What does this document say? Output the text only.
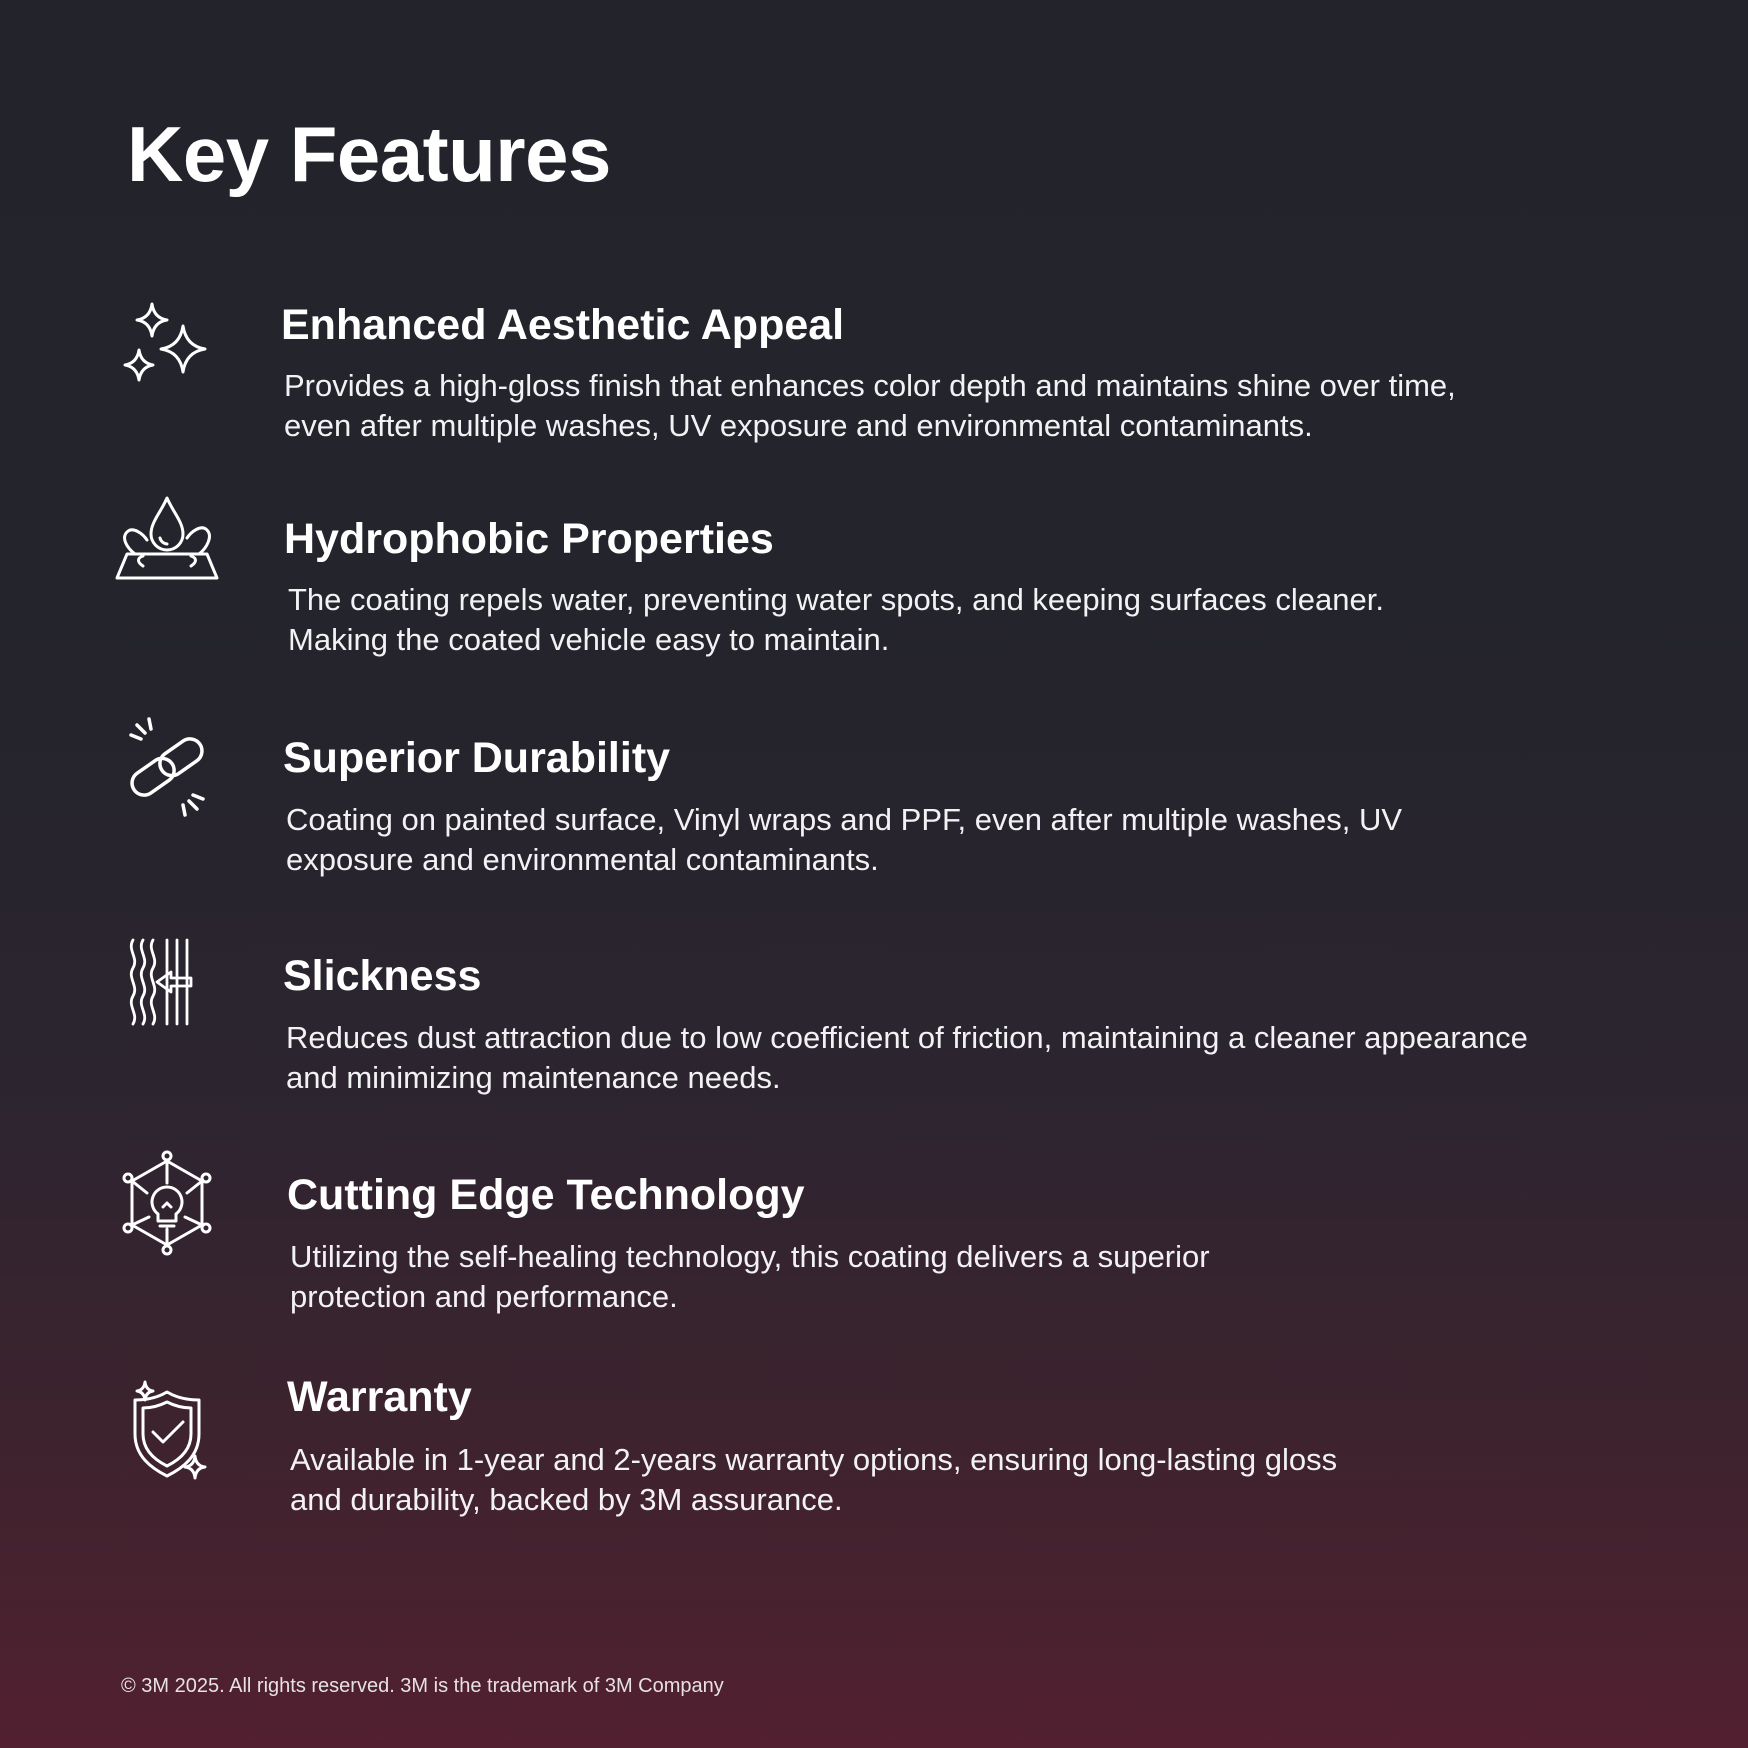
Key Features
Enhanced Aesthetic Appeal
Provides a high-gloss finish that enhances color depth and maintains shine over time,
even after multiple washes, UV exposure and environmental contaminants.
Hydrophobic Properties
The coating repels water, preventing water spots, and keeping surfaces cleaner.
Making the coated vehicle easy to maintain.
Superior Durability
Coating on painted surface, Vinyl wraps and PPF, even after multiple washes, UV
exposure and environmental contaminants.
Slickness
Reduces dust attraction due to low coefficient of friction, maintaining a cleaner appearance
and minimizing maintenance needs.
Cutting Edge Technology
Utilizing the self-healing technology, this coating delivers a superior
protection and performance.
Warranty
Available in 1-year and 2-years warranty options, ensuring long-lasting gloss
and durability, backed by 3M assurance.
© 3M 2025. All rights reserved. 3M is the trademark of 3M Company
